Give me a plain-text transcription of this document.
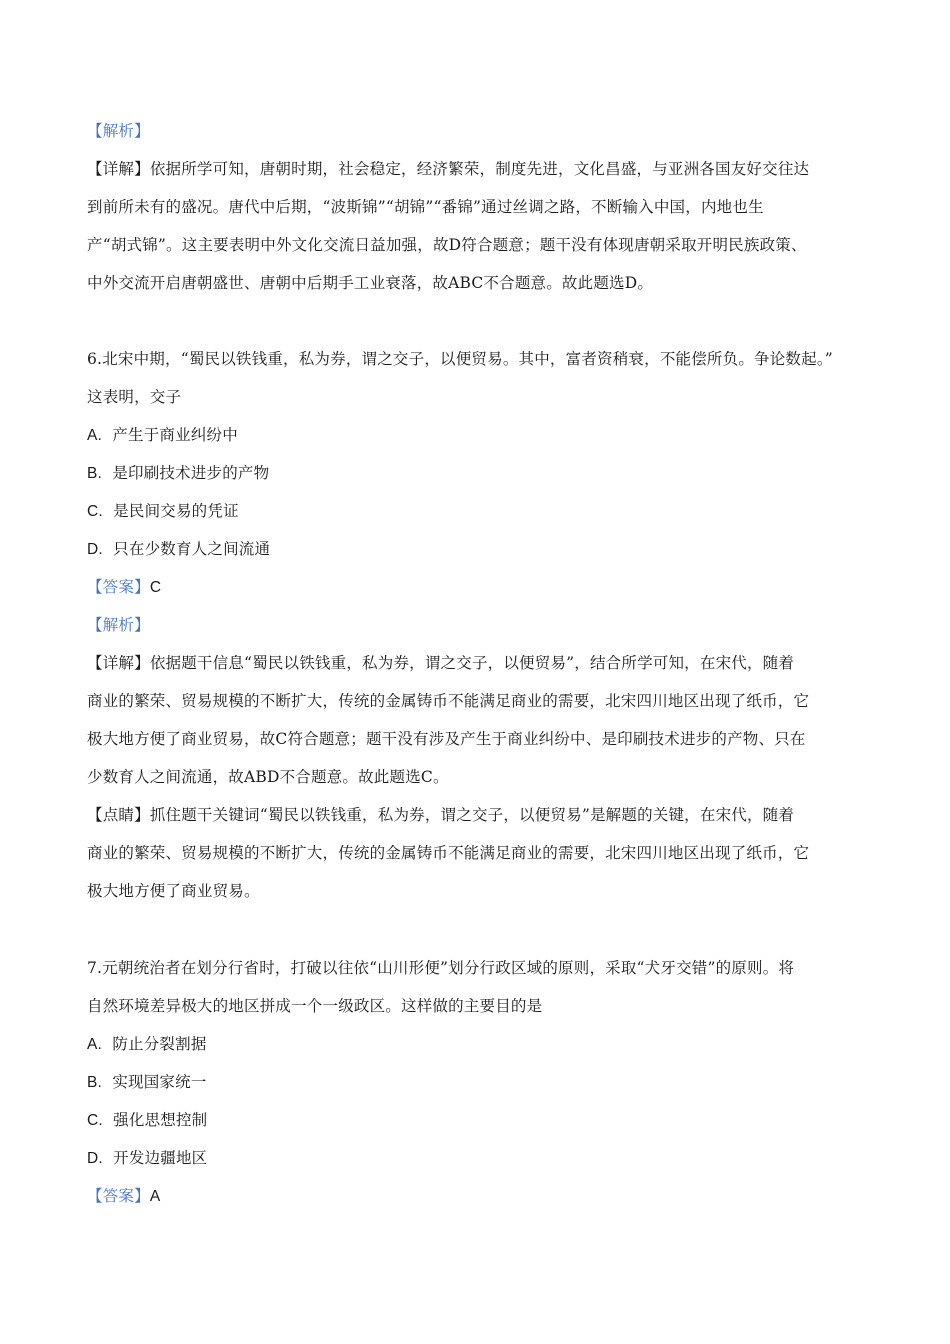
【解析】
【详解】依据所学可知，唐朝时期，社会稳定，经济繁荣，制度先进，文化昌盛，与亚洲各国友好交往达
到前所未有的盛况。唐代中后期，“波斯锦”“胡锦”“番锦”通过丝调之路，不断输入中国，内地也生
产“胡式锦”。这主要表明中外文化交流日益加强，故D符合题意；题干没有体现唐朝采取开明民族政策、
中外交流开启唐朝盛世、唐朝中后期手工业衰落，故ABC不合题意。故此题选D。
6.北宋中期，“蜀民以铁钱重，私为券，谓之交子，以便贸易。其中，富者资稍衰，不能偿所负。争论数起。”
这表明，交子
A. 产生于商业纠纷中
B. 是印刷技术进步的产物
C. 是民间交易的凭证
D. 只在少数育人之间流通
【答案】C
【解析】
【详解】依据题干信息“蜀民以铁钱重，私为券，谓之交子，以便贸易”，结合所学可知，在宋代，随着
商业的繁荣、贸易规模的不断扩大，传统的金属铸币不能满足商业的需要，北宋四川地区出现了纸币，它
极大地方便了商业贸易，故C符合题意；题干没有涉及产生于商业纠纷中、是印刷技术进步的产物、只在
少数育人之间流通，故ABD不合题意。故此题选C。
【点睛】抓住题干关键词“蜀民以铁钱重，私为券，谓之交子，以便贸易”是解题的关键，在宋代，随着
商业的繁荣、贸易规模的不断扩大，传统的金属铸币不能满足商业的需要，北宋四川地区出现了纸币，它
极大地方便了商业贸易。
7.元朝统治者在划分行省时，打破以往依“山川形便”划分行政区域的原则，采取“犬牙交错”的原则。将
自然环境差异极大的地区拼成一个一级政区。这样做的主要目的是
A. 防止分裂割据
B. 实现国家统一
C. 强化思想控制
D. 开发边疆地区
【答案】A
